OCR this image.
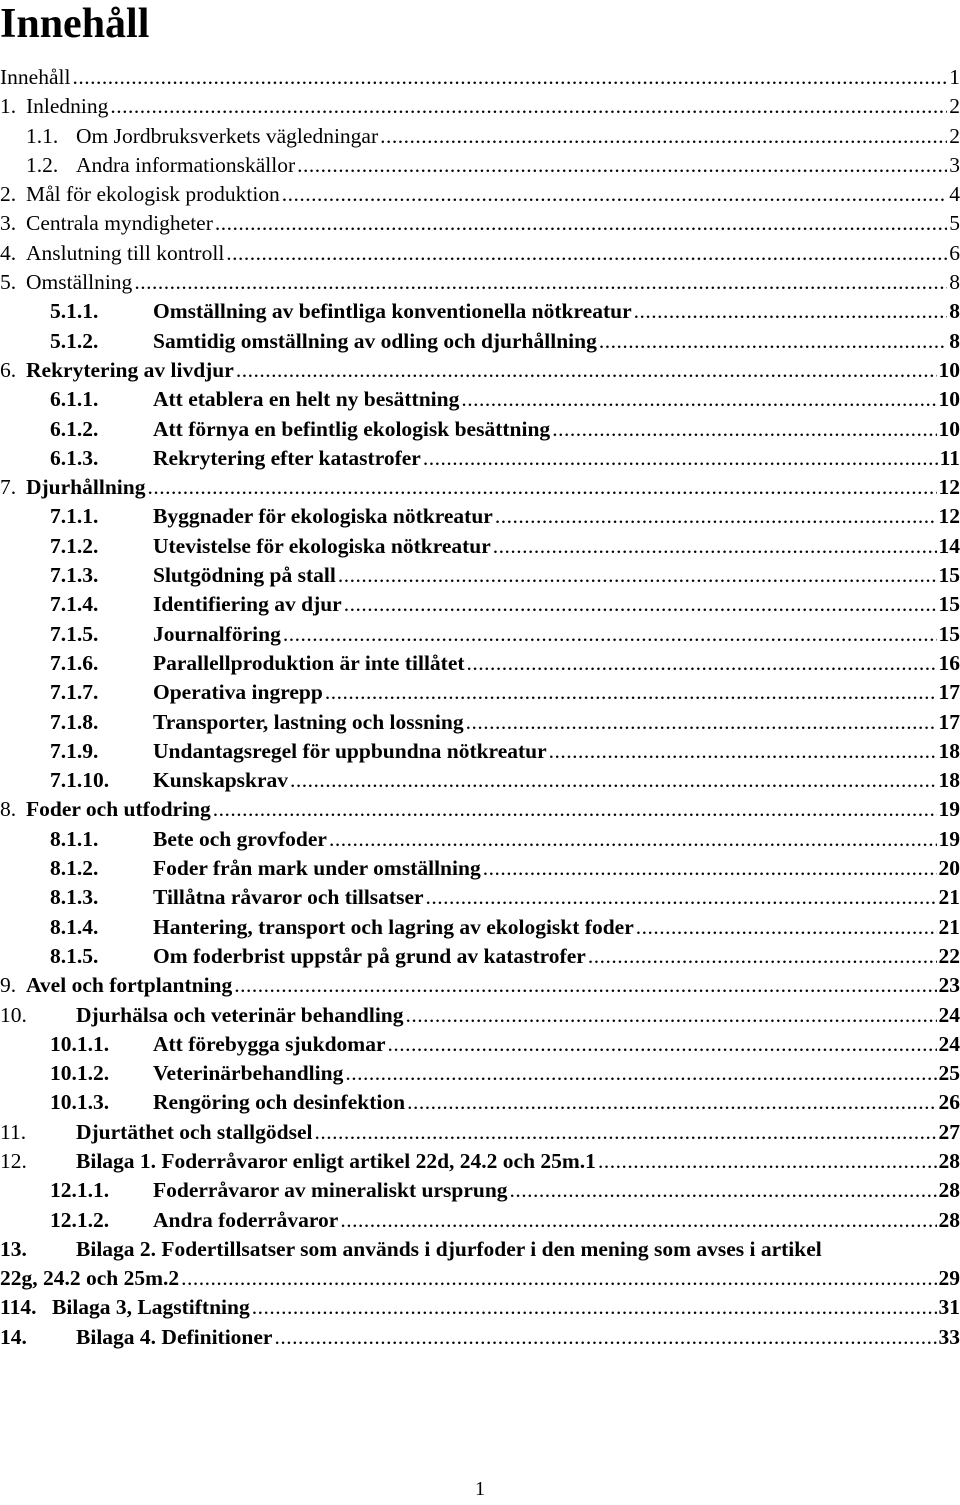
Innehåll
Innehåll .....	1
1. Inledning .....	2
1.1. Om Jordbruksverkets vägledningar .....	2
1.2. Andra informationskällor .....	3
2. Mål för ekologisk produktion .....	4
3. Centrala myndigheter .....	5
4. Anslutning till kontroll .....	6
5. Omställning .....	8
5.1.1.	Omställning av befintliga konventionella nötkreatur .....	8
5.1.2.	Samtidig omställning av odling och djurhållning .....	8
6. Rekrytering av livdjur .....	10
6.1.1.	Att etablera en helt ny besättning .....	10
6.1.2.	Att förnya en befintlig ekologisk besättning .....	10
6.1.3.	Rekrytering efter katastrofer .....	11
7. Djurhållning .....	12
7.1.1.	Byggnader för ekologiska nötkreatur .....	12
7.1.2.	Utevistelse för ekologiska nötkreatur .....	14
7.1.3.	Slutgödning på stall .....	15
7.1.4.	Identifiering av djur .....	15
7.1.5.	Journalföring .....	15
7.1.6.	Parallellproduktion är inte tillåtet .....	16
7.1.7.	Operativa ingrepp .....	17
7.1.8.	Transporter, lastning och lossning .....	17
7.1.9.	Undantagsregel för uppbundna nötkreatur .....	18
7.1.10. Kunskapskrav .....	18
8. Foder och utfodring .....	19
8.1.1.	Bete och grovfoder .....	19
8.1.2.	Foder från mark under omställning .....	20
8.1.3.	Tillåtna råvaror och tillsatser .....	21
8.1.4.	Hantering, transport och lagring av ekologiskt foder .....	21
8.1.5.	Om foderbrist uppstår på grund av katastrofer .....	22
9. Avel och fortplantning .....	23
10. Djurhälsa och veterinär behandling .....	24
10.1.1. Att förebygga sjukdomar .....	24
10.1.2. Veterinärbehandling .....	25
10.1.3. Rengöring och desinfektion .....	26
11. Djurtäthet och stallgödsel .....	27
12. Bilaga 1. Foderråvaror enligt artikel 22d, 24.2 och 25m.1 .....	28
12.1.1. Foderråvaror av mineraliskt ursprung .....	28
12.1.2. Andra foderråvaror .....	28
13. Bilaga 2. Fodertillsatser som används i djurfoder i den mening som avses i artikel
22g, 24.2 och 25m.2 .....	29
114. Bilaga 3, Lagstiftning .....	31
14. Bilaga 4. Definitioner .....	33
1
